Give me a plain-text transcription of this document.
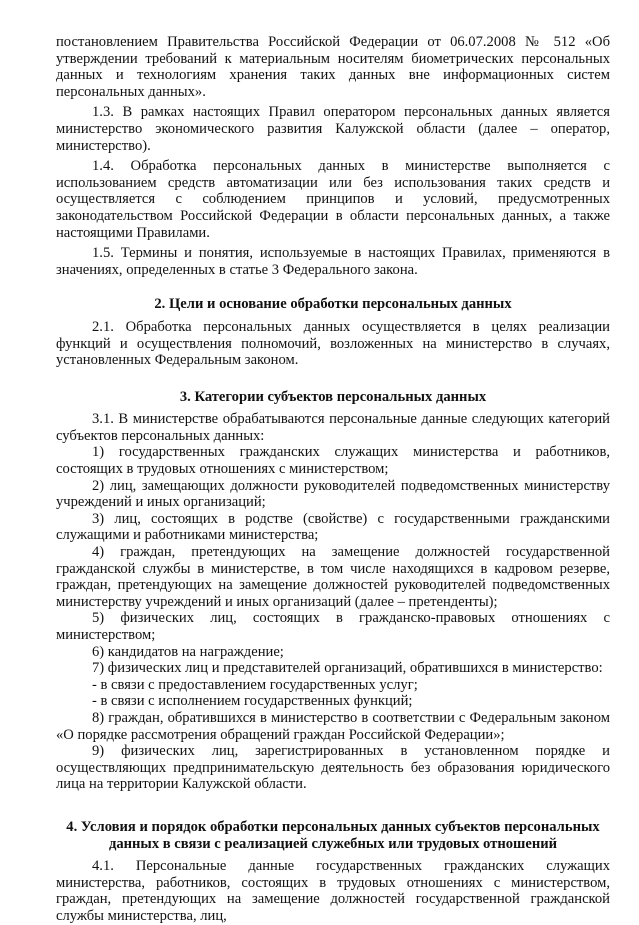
постановлением Правительства Российской Федерации от 06.07.2008 № 512 «Об утверждении требований к материальным носителям биометрических персональных данных и технологиям хранения таких данных вне информационных систем персональных данных».

1.3. В рамках настоящих Правил оператором персональных данных является министерство экономического развития Калужской области (далее – оператор, министерство).

1.4. Обработка персональных данных в министерстве выполняется с использованием средств автоматизации или без использования таких средств и осуществляется с соблюдением принципов и условий, предусмотренных законодательством Российской Федерации в области персональных данных, а также настоящими Правилами.

1.5. Термины и понятия, используемые в настоящих Правилах, применяются в значениях, определенных в статье 3 Федерального закона.

2. Цели и основание обработки персональных данных

2.1. Обработка персональных данных осуществляется в целях реализации функций и осуществления полномочий, возложенных на министерство в случаях, установленных Федеральным законом.

3. Категории субъектов персональных данных

3.1. В министерстве обрабатываются персональные данные следующих категорий субъектов персональных данных:

1) государственных гражданских служащих министерства и работников, состоящих в трудовых отношениях с министерством;

2) лиц, замещающих должности руководителей подведомственных министерству учреждений и иных организаций;

3) лиц, состоящих в родстве (свойстве) с государственными гражданскими служащими и работниками министерства;

4) граждан, претендующих на замещение должностей государственной гражданской службы в министерстве, в том числе находящихся в кадровом резерве, граждан, претендующих на замещение должностей руководителей подведомственных министерству учреждений и иных организаций (далее – претенденты);

5) физических лиц, состоящих в гражданско-правовых отношениях с министерством;

6) кандидатов на награждение;

7) физических лиц и представителей организаций, обратившихся в министерство:

- в связи с предоставлением государственных услуг;

- в связи с исполнением государственных функций;

8) граждан, обратившихся в министерство в соответствии с Федеральным законом «О порядке рассмотрения обращений граждан Российской Федерации»;

9) физических лиц, зарегистрированных в установленном порядке и осуществляющих предпринимательскую деятельность без образования юридического лица на территории Калужской области.

4. Условия и порядок обработки персональных данных субъектов персональных
данных в связи с реализацией служебных или трудовых отношений

4.1. Персональные данные государственных гражданских служащих министерства, работников, состоящих в трудовых отношениях с министерством, граждан, претендующих на замещение должностей государственной гражданской службы министерства, лиц,
